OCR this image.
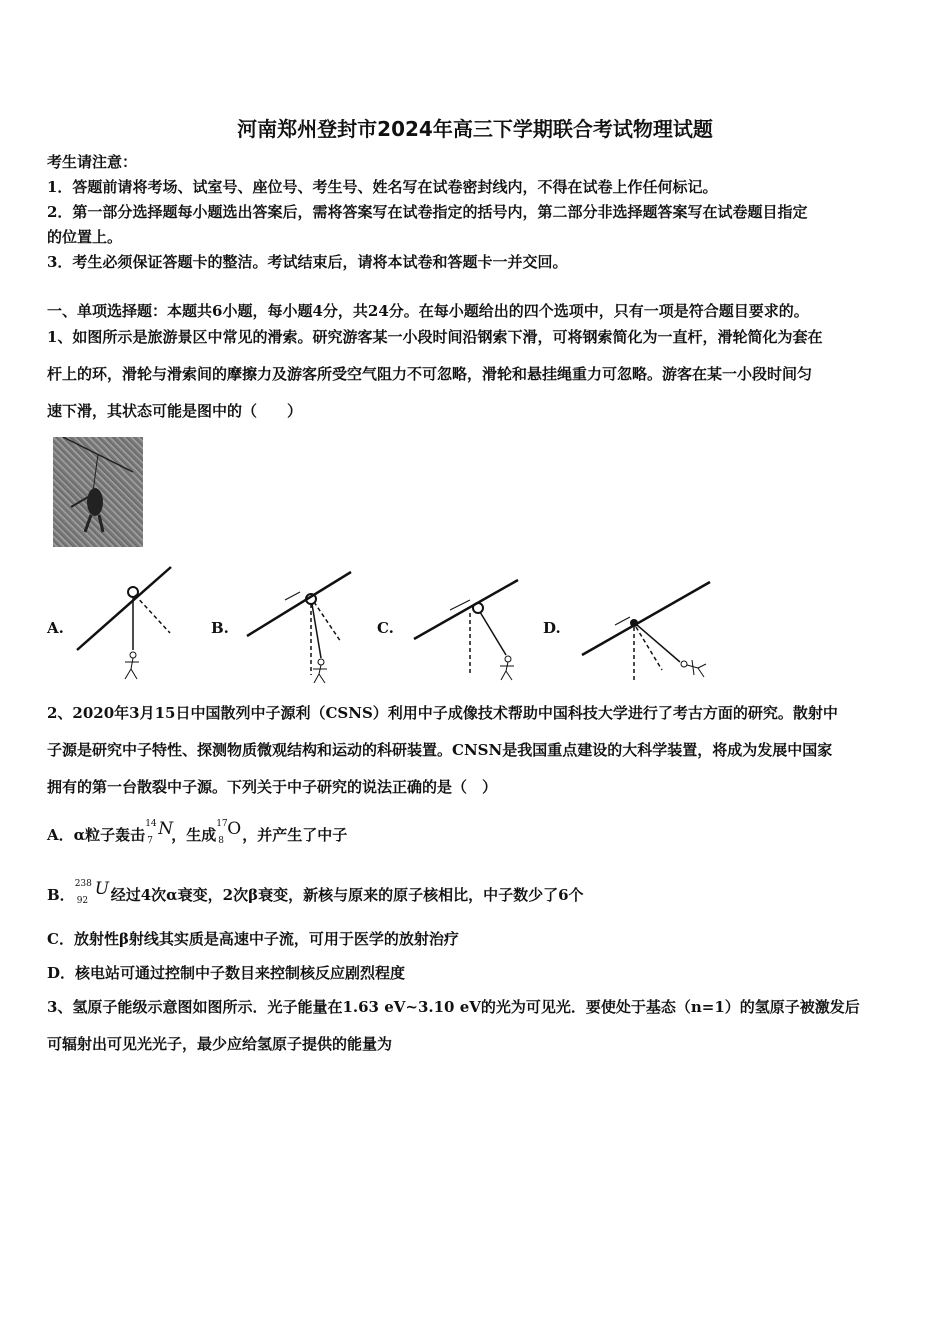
河南郑州登封市2024年高三下学期联合考试物理试题
考生请注意：
1．答题前请将考场、试室号、座位号、考生号、姓名写在试卷密封线内，不得在试卷上作任何标记。
2．第一部分选择题每小题选出答案后，需将答案写在试卷指定的括号内，第二部分非选择题答案写在试卷题目指定
的位置上。
3．考生必须保证答题卡的整洁。考试结束后，请将本试卷和答题卡一并交回。
一、单项选择题：本题共6小题，每小题4分，共24分。在每小题给出的四个选项中，只有一项是符合题目要求的。
1、如图所示是旅游景区中常见的滑索。研究游客某一小段时间沿钢索下滑，可将钢索简化为一直杆，滑轮简化为套在
杆上的环，滑轮与滑索间的摩擦力及游客所受空气阻力不可忽略，滑轮和悬挂绳重力可忽略。游客在某一小段时间匀
速下滑，其状态可能是图中的（　　）
A.	B.	C.	D.
2、2020年3月15日中国散列中子源利（CSNS）利用中子成像技术帮助中国科技大学进行了考古方面的研究。散射中
子源是研究中子特性、探测物质微观结构和运动的科研装置。CNSN是我国重点建设的大科学装置，将成为发展中国家
拥有的第一台散裂中子源。下列关于中子研究的说法正确的是（　）
A．α粒子轰击
14
7
N
，生成
17
8
O ，并产生了中子
B．
238
92
U 经过4次α衰变，2次β衰变，新核与原来的原子核相比，中子数少了6个
C．放射性β射线其实质是高速中子流，可用于医学的放射治疗
D．核电站可通过控制中子数目来控制核反应剧烈程度
3、氢原子能级示意图如图所示．光子能量在1.63 eV~3.10 eV的光为可见光．要使处于基态（n=1）的氢原子被激发后
可辐射出可见光光子，最少应给氢原子提供的能量为
